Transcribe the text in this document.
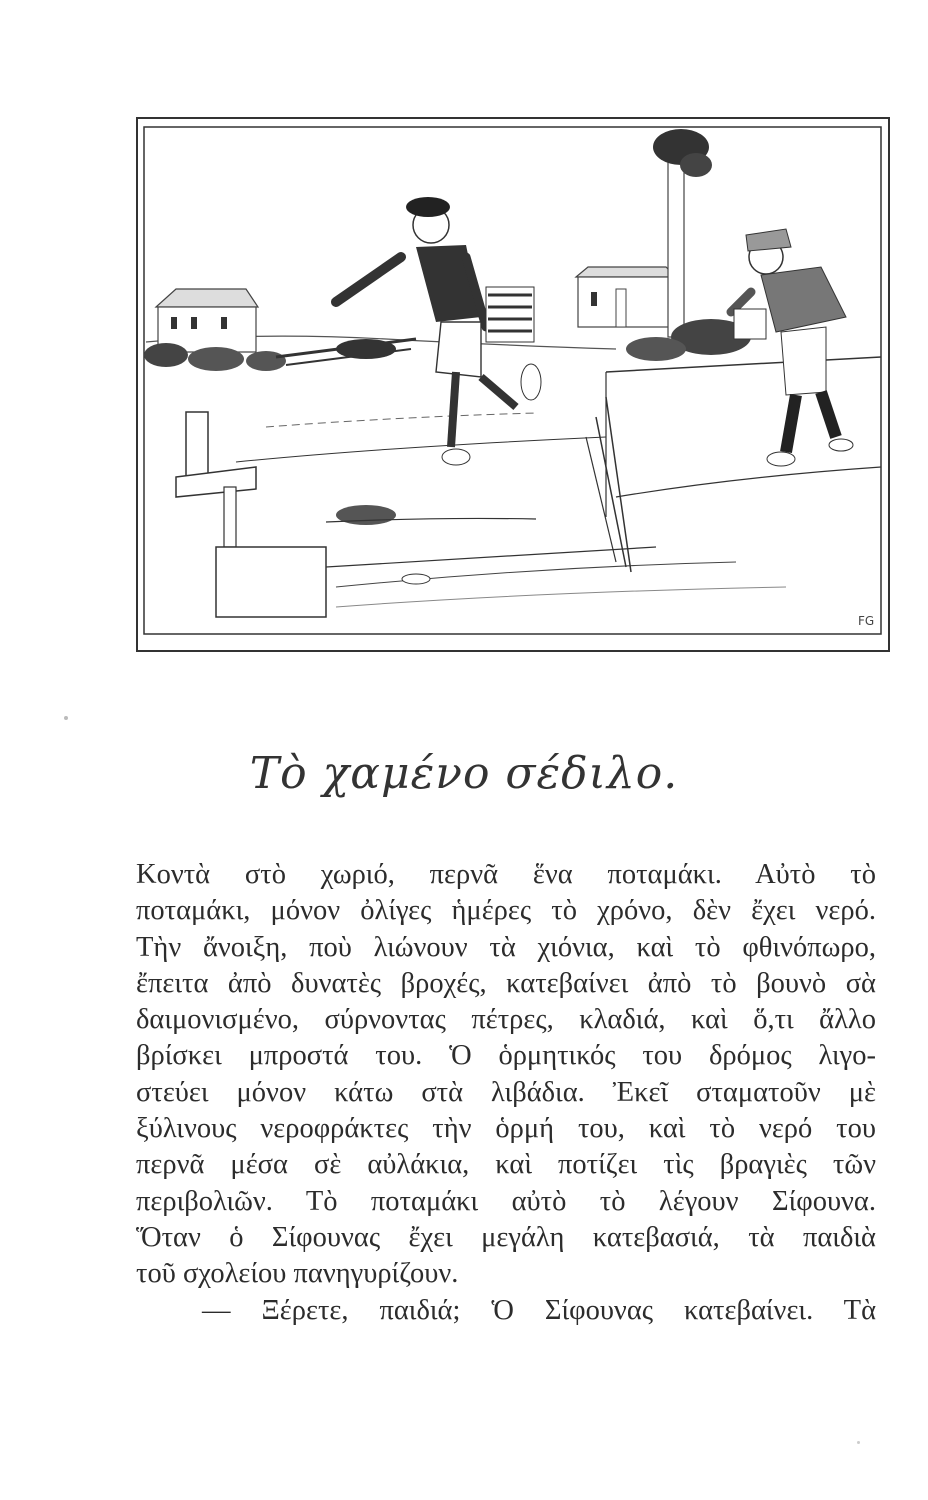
FG
Τὸ χαμένο σέδιλο.
Κοντὰ στὸ χωριό, περνᾶ ἕνα ποταμάκι. Αὐτὸ τὸ
ποταμάκι, μόνον ὀλίγες ἡμέρες τὸ χρόνο, δὲν ἔχει νερό.
Τὴν ἄνοιξη, ποὺ λιώνουν τὰ χιόνια, καὶ τὸ φθινόπωρο,
ἔπειτα ἀπὸ δυνατὲς βροχές, κατεβαίνει ἀπὸ τὸ βουνὸ σὰ
δαιμονισμένο, σύρνοντας πέτρες, κλαδιά, καὶ ὅ,τι ἄλλο
βρίσκει μπροστά του. Ὁ ὁρμητικός του δρόμος λιγο-
στεύει μόνον κάτω στὰ λιβάδια. Ἐκεῖ σταματοῦν μὲ
ξύλινους νεροφράκτες τὴν ὁρμή του, καὶ τὸ νερό του
περνᾶ μέσα σὲ αὐλάκια, καὶ ποτίζει τὶς βραγιὲς τῶν
περιβολιῶν. Τὸ ποταμάκι αὐτὸ τὸ λέγουν Σίφουνα.
Ὅταν ὁ Σίφουνας ἔχει μεγάλη κατεβασιά, τὰ παιδιὰ
τοῦ σχολείου πανηγυρίζουν.
— Ξέρετε, παιδιά; Ὁ Σίφουνας κατεβαίνει. Τὰ
